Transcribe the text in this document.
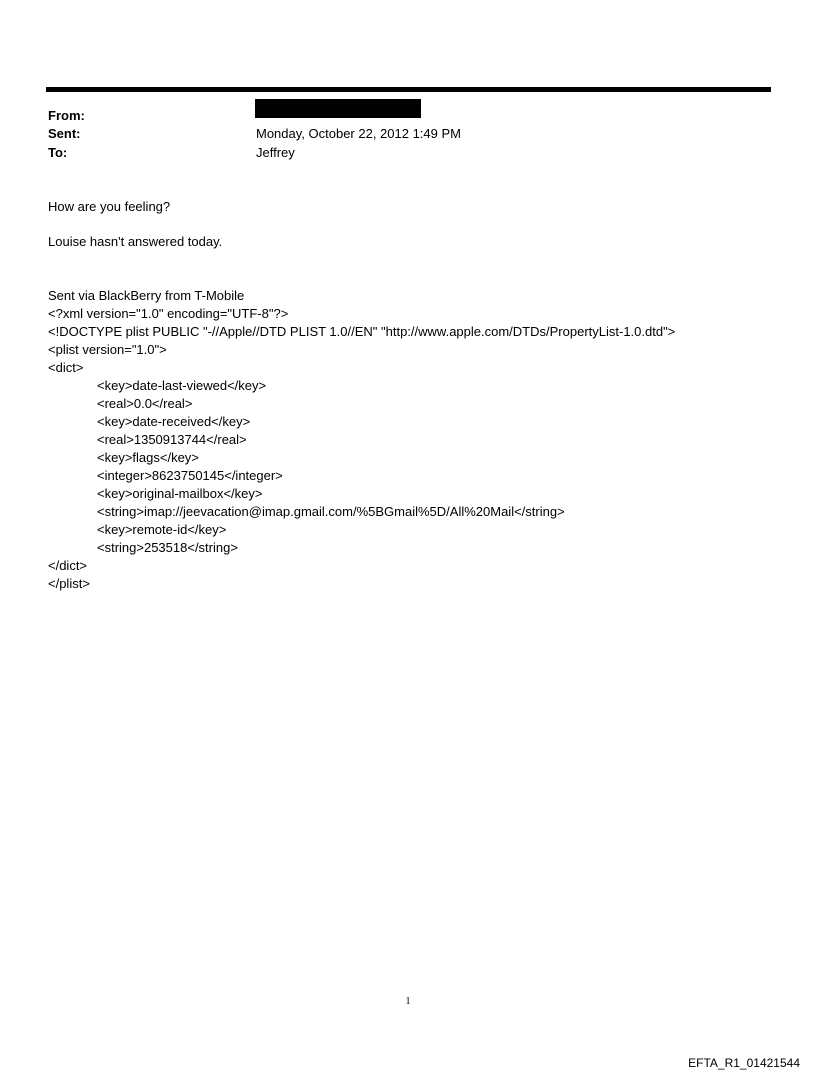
From:
Sent:	Monday, October 22, 2012 1:49 PM
To:	Jeffrey
How are you feeling?
Louise hasn't answered today.
Sent via BlackBerry from T-Mobile
<?xml version="1.0" encoding="UTF-8"?>
<!DOCTYPE plist PUBLIC "-//Apple//DTD PLIST 1.0//EN" "http://www.apple.com/DTDs/PropertyList-1.0.dtd">
<plist version="1.0">
<dict>
<key>date-last-viewed</key>
<real>0.0</real>
<key>date-received</key>
<real>1350913744</real>
<key>flags</key>
<integer>8623750145</integer>
<key>original-mailbox</key>
<string>imap://jeevacation@imap.gmail.com/%5BGmail%5D/All%20Mail</string>
<key>remote-id</key>
<string>253518</string>
</dict>
</plist>
1
EFTA_R1_01421544
